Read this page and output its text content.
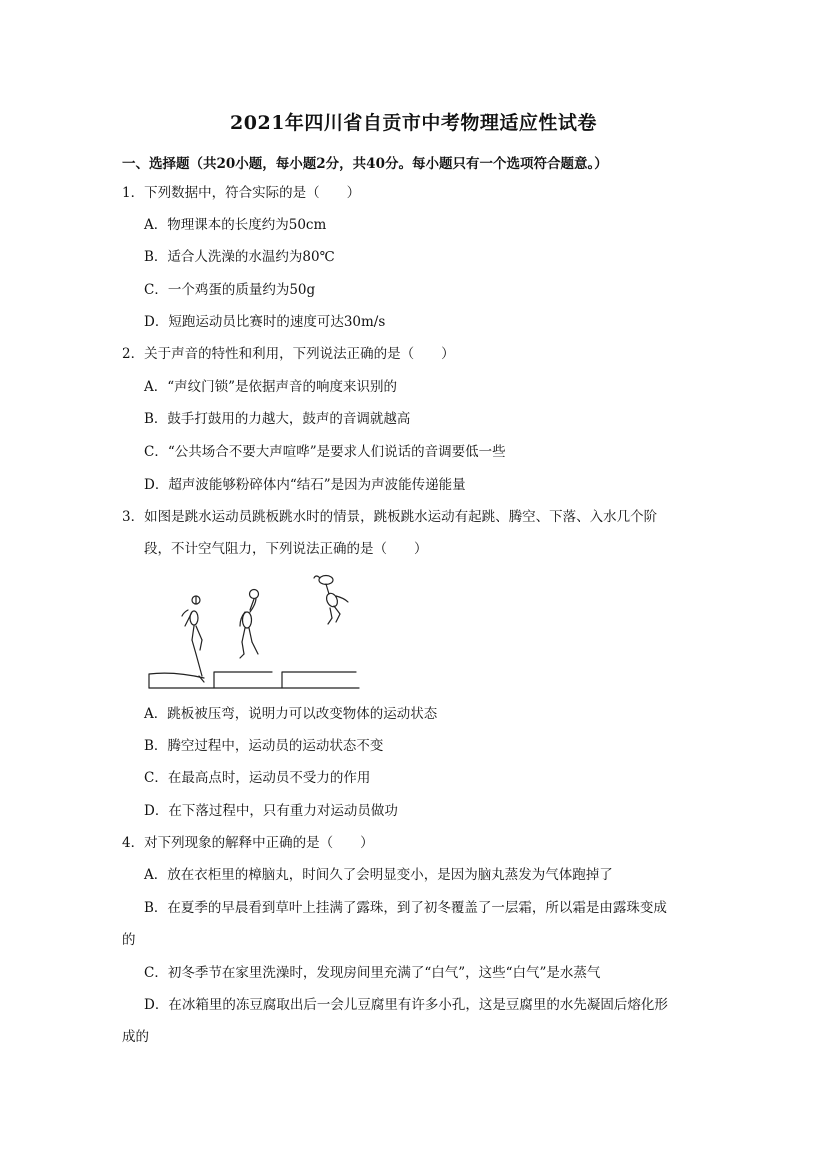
2021年四川省自贡市中考物理适应性试卷
一、选择题（共20小题，每小题2分，共40分。每小题只有一个选项符合题意。）
1．下列数据中，符合实际的是（　　）
A．物理课本的长度约为50cm
B．适合人洗澡的水温约为80℃
C．一个鸡蛋的质量约为50g
D．短跑运动员比赛时的速度可达30m/s
2．关于声音的特性和利用，下列说法正确的是（　　）
A．“声纹门锁”是依据声音的响度来识别的
B．鼓手打鼓用的力越大，鼓声的音调就越高
C．“公共场合不要大声喧哗”是要求人们说话的音调要低一些
D．超声波能够粉碎体内“结石”是因为声波能传递能量
3．如图是跳水运动员跳板跳水时的情景，跳板跳水运动有起跳、腾空、下落、入水几个阶
段，不计空气阻力，下列说法正确的是（　　）
A．跳板被压弯，说明力可以改变物体的运动状态
B．腾空过程中，运动员的运动状态不变
C．在最高点时，运动员不受力的作用
D．在下落过程中，只有重力对运动员做功
4．对下列现象的解释中正确的是（　　）
A．放在衣柜里的樟脑丸，时间久了会明显变小，是因为脑丸蒸发为气体跑掉了
B．在夏季的早晨看到草叶上挂满了露珠，到了初冬覆盖了一层霜，所以霜是由露珠变成
的
C．初冬季节在家里洗澡时，发现房间里充满了“白气”，这些“白气”是水蒸气
D．在冰箱里的冻豆腐取出后一会儿豆腐里有许多小孔，这是豆腐里的水先凝固后熔化形
成的
